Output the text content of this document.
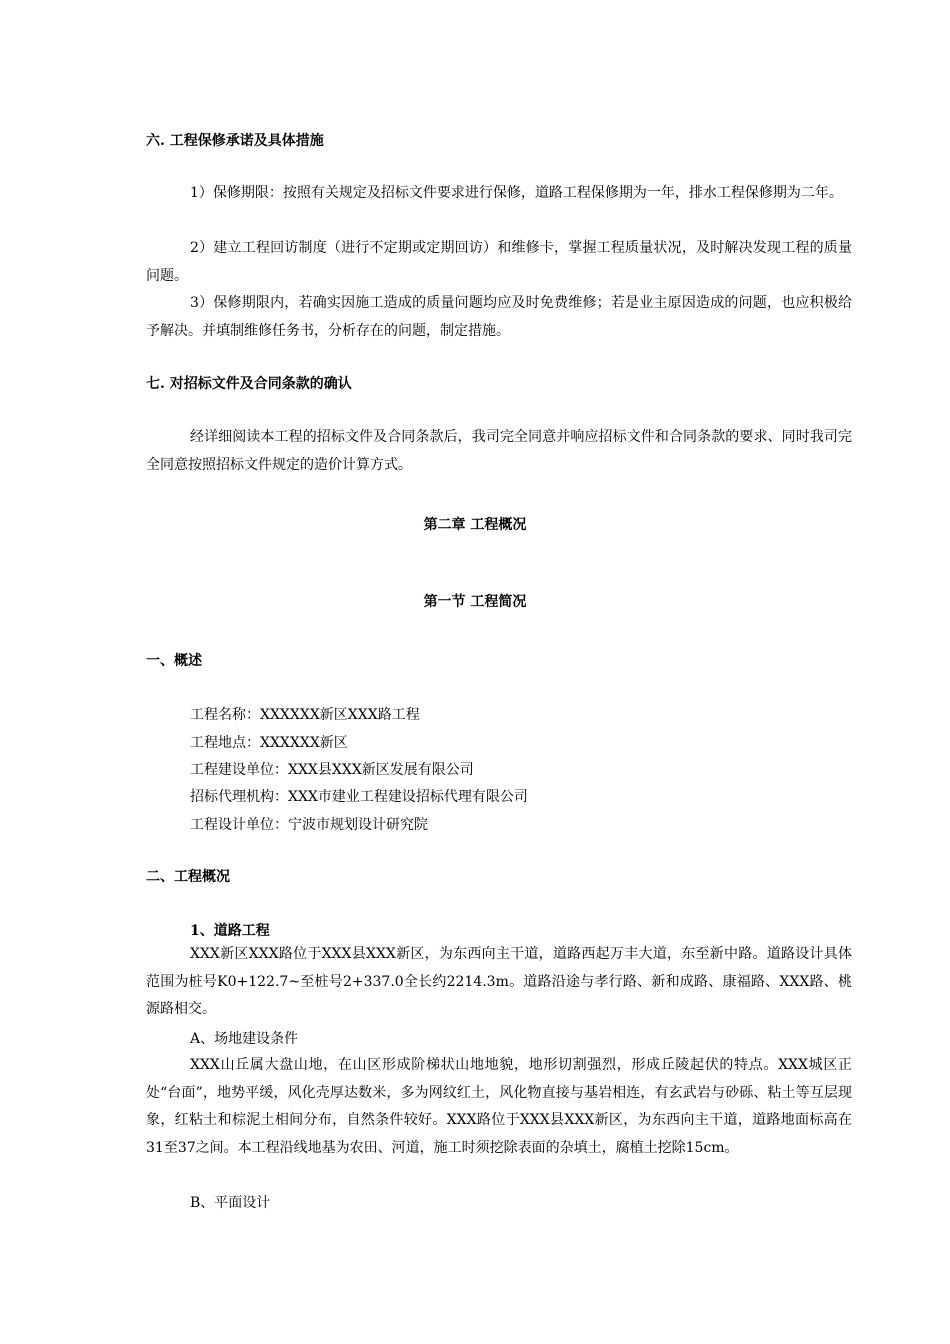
六. 工程保修承诺及具体措施
1）保修期限：按照有关规定及招标文件要求进行保修，道路工程保修期为一年，排水工程保修期为二年。
2）建立工程回访制度（进行不定期或定期回访）和维修卡，掌握工程质量状况，及时解决发现工程的质量问题。
3）保修期限内，若确实因施工造成的质量问题均应及时免费维修；若是业主原因造成的问题，也应积极给予解决。并填制维修任务书，分析存在的问题，制定措施。
七. 对招标文件及合同条款的确认
经详细阅读本工程的招标文件及合同条款后，我司完全同意并响应招标文件和合同条款的要求、同时我司完全同意按照招标文件规定的造价计算方式。
第二章 工程概况
第一节 工程简况
一、概述
工程名称：XXXXXX新区XXX路工程
工程地点：XXXXXX新区
工程建设单位：XXX县XXX新区发展有限公司
招标代理机构：XXX市建业工程建设招标代理有限公司
工程设计单位：宁波市规划设计研究院
二、工程概况
1、道路工程
XXX新区XXX路位于XXX县XXX新区，为东西向主干道，道路西起万丰大道，东至新中路。道路设计具体范围为桩号K0+122.7~至桩号2+337.0全长约2214.3m。道路沿途与孝行路、新和成路、康福路、XXX路、桃源路相交。
A、场地建设条件
XXX山丘属大盘山地，在山区形成阶梯状山地地貌，地形切割强烈，形成丘陵起伏的特点。XXX城区正处“台面”，地势平缓，风化壳厚达数米，多为网纹红土，风化物直接与基岩相连，有玄武岩与砂砾、粘土等互层现象，红粘土和棕泥土相间分布，自然条件较好。XXX路位于XXX县XXX新区，为东西向主干道，道路地面标高在31至37之间。本工程沿线地基为农田、河道，施工时须挖除表面的杂填土，腐植土挖除15cm。
B、平面设计
